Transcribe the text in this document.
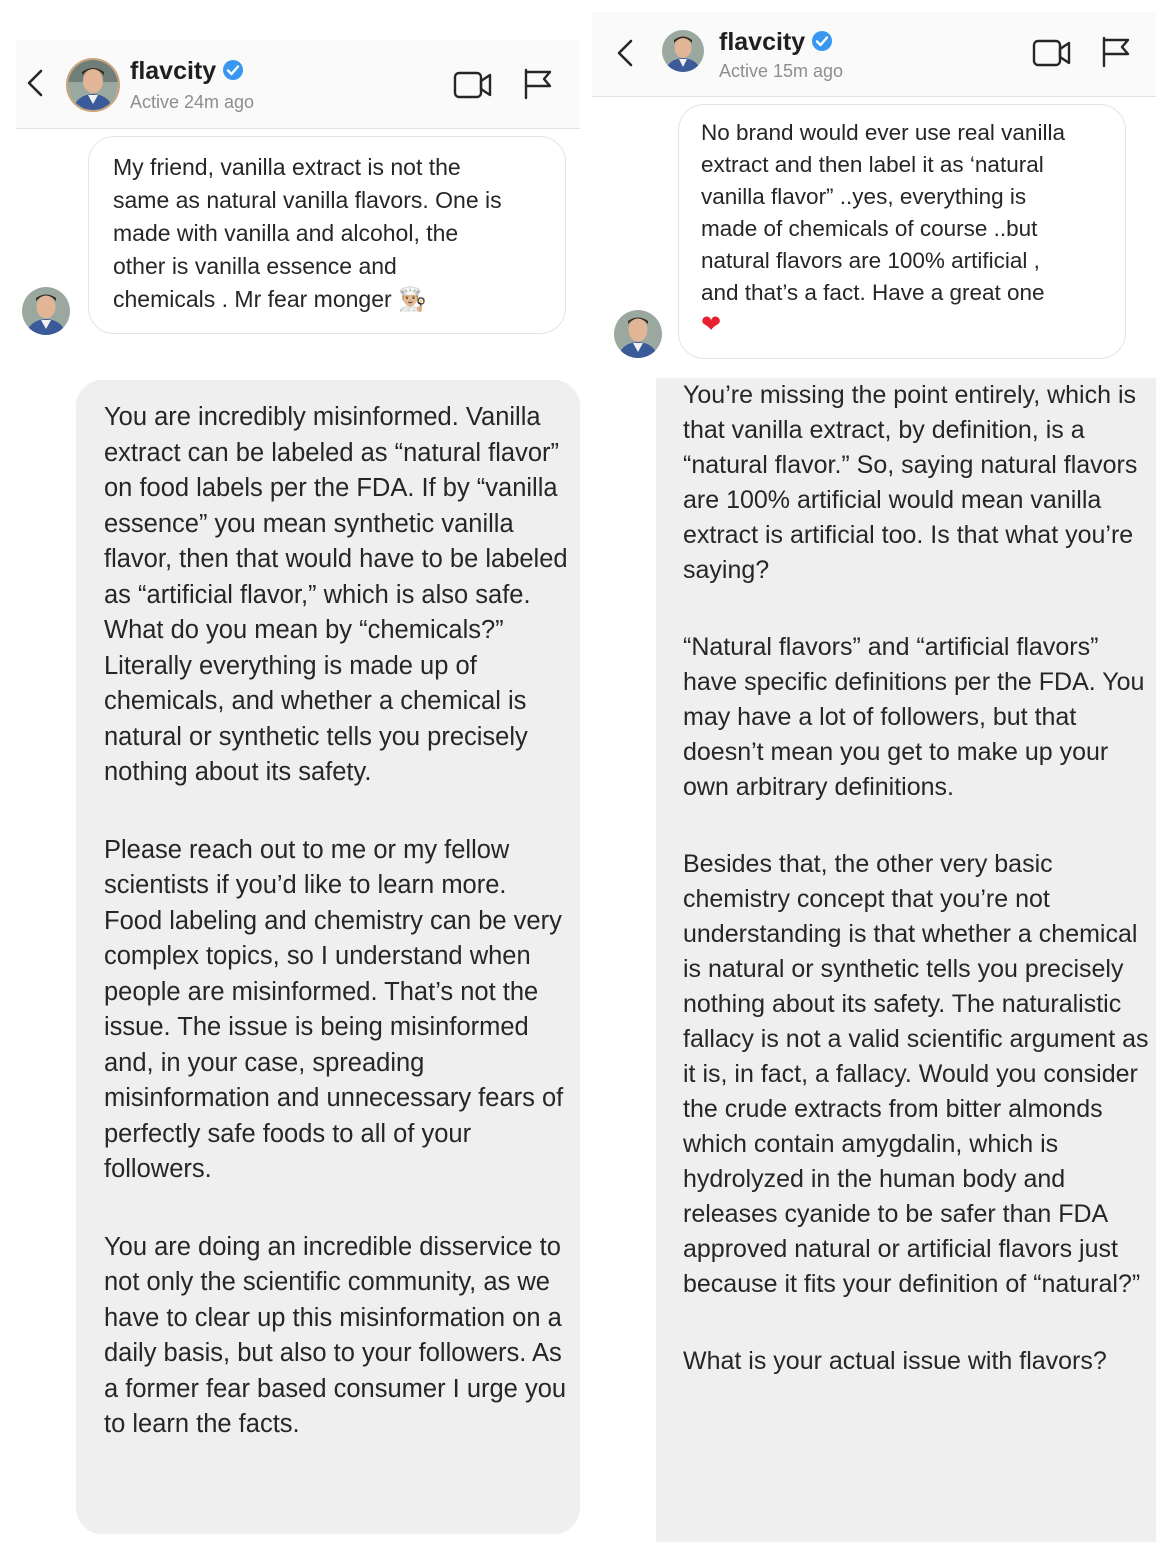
flavcity
Active 24m ago
My friend, vanilla extract is not the
same as natural vanilla flavors. One is
made with vanilla and alcohol, the
other is vanilla essence and
chemicals . Mr fear monger 👨🏼‍🍳

You are incredibly misinformed. Vanilla extract can be labeled as “natural flavor” on food labels per the FDA. If by “vanilla essence” you mean synthetic vanilla flavor, then that would have to be labeled as “artificial flavor,” which is also safe. What do you mean by “chemicals?” Literally everything is made up of chemicals, and whether a chemical is natural or synthetic tells you precisely nothing about its safety.

Please reach out to me or my fellow scientists if you’d like to learn more. Food labeling and chemistry can be very complex topics, so I understand when people are misinformed. That’s not the issue. The issue is being misinformed and, in your case, spreading misinformation and unnecessary fears of perfectly safe foods to all of your followers.

You are doing an incredible disservice to not only the scientific community, as we have to clear up this misinformation on a daily basis, but also to your followers. As a former fear based consumer I urge you to learn the facts.

flavcity
Active 15m ago
No brand would ever use real vanilla
extract and then label it as ‘natural
vanilla flavor” ..yes, everything is
made of chemicals of course ..but
natural flavors are 100% artificial ,
and that’s a fact. Have a great one
❤

You’re missing the point entirely, which is that vanilla extract, by definition, is a “natural flavor.” So, saying natural flavors are 100% artificial would mean vanilla extract is artificial too. Is that what you’re saying?

“Natural flavors” and “artificial flavors” have specific definitions per the FDA. You may have a lot of followers, but that doesn’t mean you get to make up your own arbitrary definitions.

Besides that, the other very basic chemistry concept that you’re not understanding is that whether a chemical is natural or synthetic tells you precisely nothing about its safety. The naturalistic fallacy is not a valid scientific argument as it is, in fact, a fallacy. Would you consider the crude extracts from bitter almonds which contain amygdalin, which is hydrolyzed in the human body and releases cyanide to be safer than FDA approved natural or artificial flavors just because it fits your definition of “natural?”

What is your actual issue with flavors?
